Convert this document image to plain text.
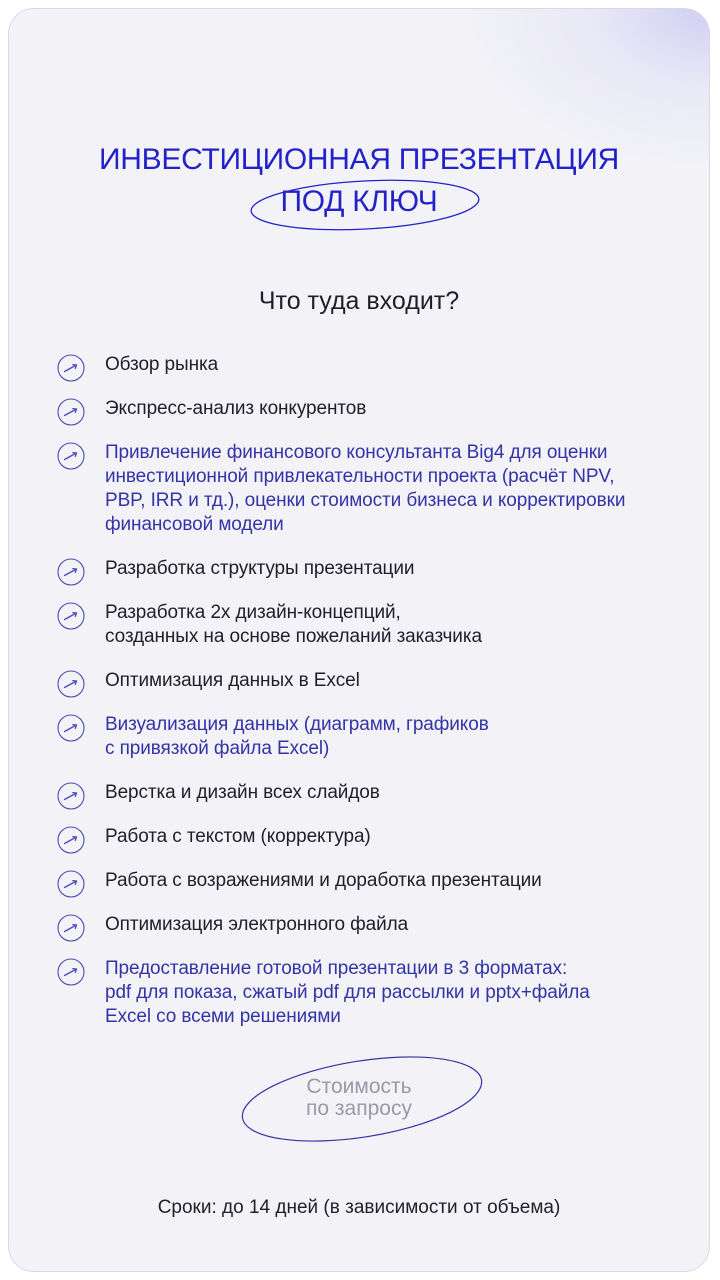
ИНВЕСТИЦИОННАЯ ПРЕЗЕНТАЦИЯ
ПОД КЛЮЧ
Что туда входит?
Обзор рынка
Экспресс-анализ конкурентов
Привлечение финансового консультанта Big4 для оценки
инвестиционной привлекательности проекта (расчёт NPV,
PBP, IRR и тд.), оценки стоимости бизнеса и корректировки
финансовой модели
Разработка структуры презентации
Разработка 2х дизайн-концепций,
созданных на основе пожеланий заказчика
Оптимизация данных в Excel
Визуализация данных (диаграмм, графиков
с привязкой файла Excel)
Верстка и дизайн всех слайдов
Работа с текстом (корректура)
Работа с возражениями и доработка презентации
Оптимизация электронного файла
Предоставление готовой презентации в 3 форматах:
pdf для показа, сжатый pdf для рассылки и pptx+файла
Excel со всеми решениями
Стоимость
по запросу
Сроки: до 14 дней (в зависимости от объема)
